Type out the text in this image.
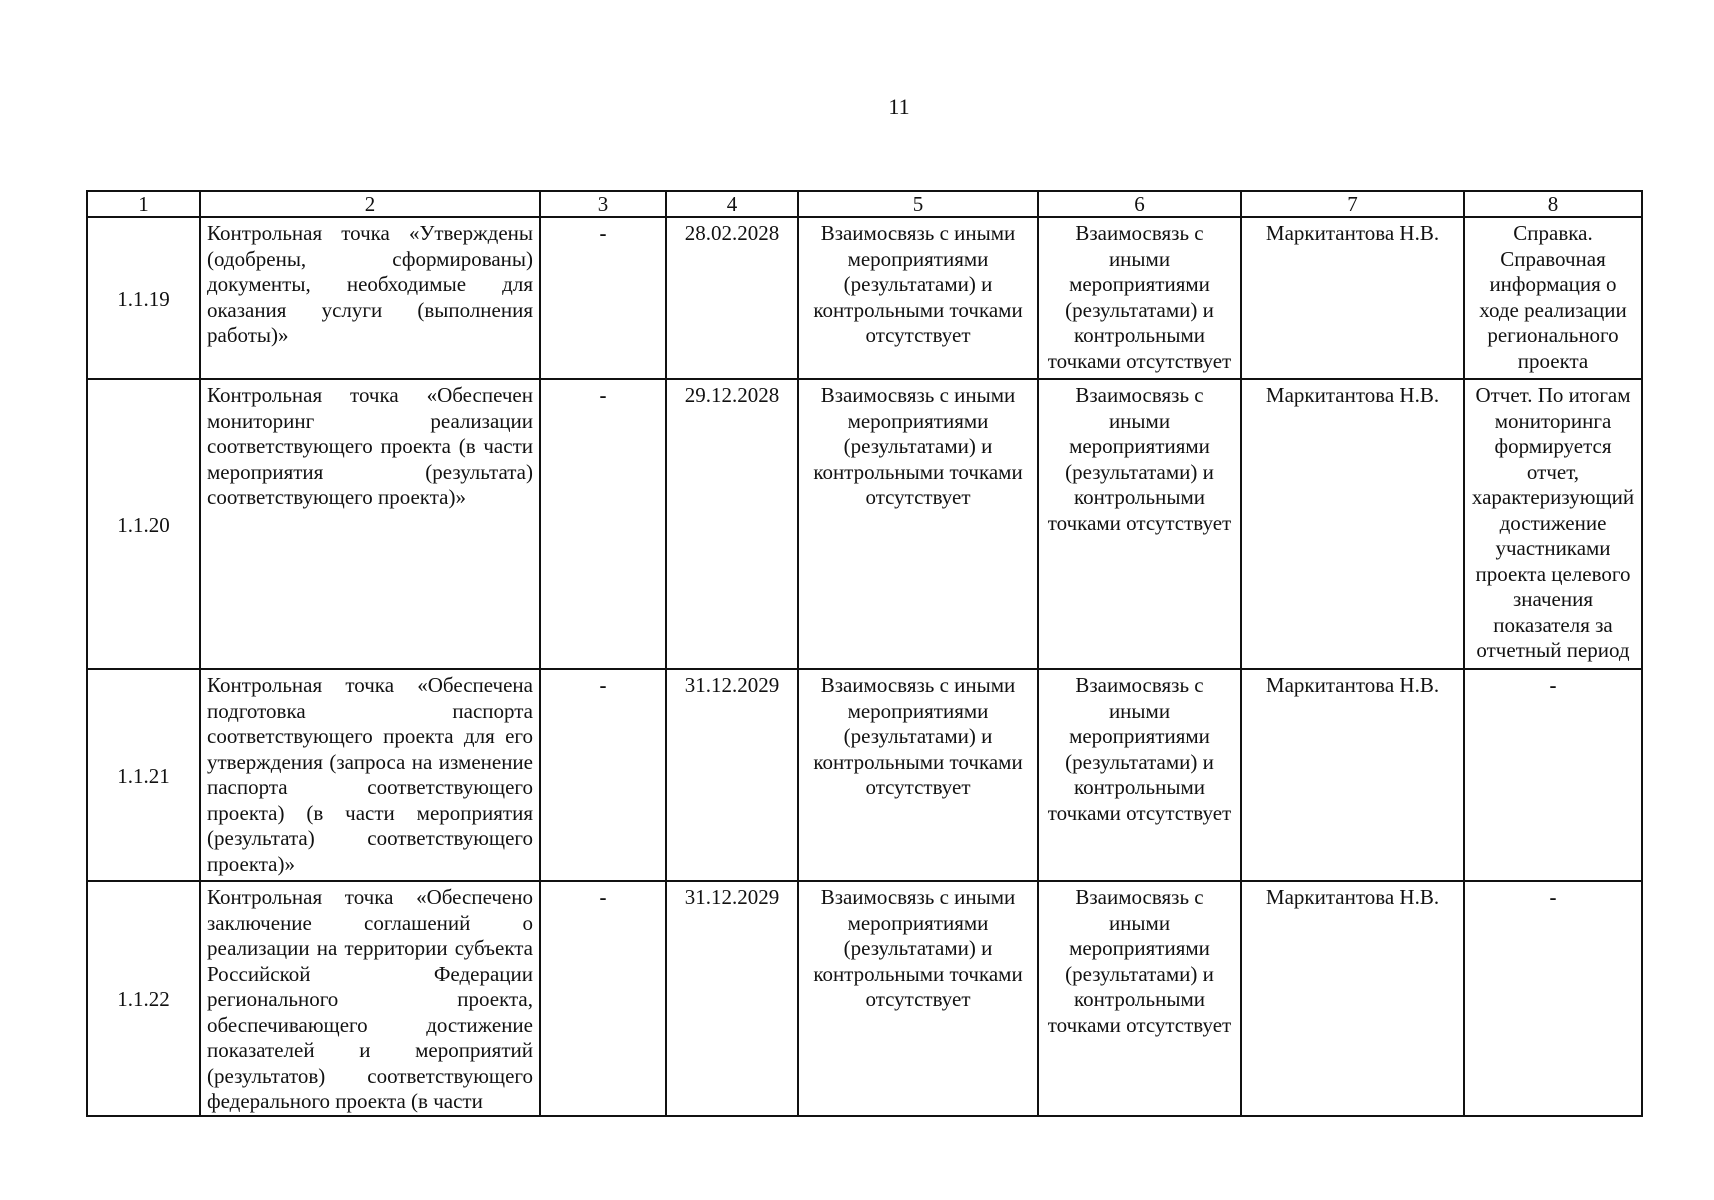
11
1	2	3	4	5	6	7	8
1.1.19	Контрольная точка «Утверждены (одобрены, сформированы) документы, необходимые для оказания услуги (выполнения работы)»	-	28.02.2028	Взаимосвязь с иными мероприятиями (результатами) и контрольными точками отсутствует	Взаимосвязь с иными мероприятиями (результатами) и контрольными точками отсутствует	Маркитантова Н.В.	Справка. Справочная информация о ходе реализации регионального проекта
1.1.20	Контрольная точка «Обеспечен мониторинг реализации соответствующего проекта (в части мероприятия (результата) соответствующего проекта)»	-	29.12.2028	Взаимосвязь с иными мероприятиями (результатами) и контрольными точками отсутствует	Взаимосвязь с иными мероприятиями (результатами) и контрольными точками отсутствует	Маркитантова Н.В.	Отчет. По итогам мониторинга формируется отчет, характеризующий достижение участниками проекта целевого значения показателя за отчетный период
1.1.21	Контрольная точка «Обеспечена подготовка паспорта соответствующего проекта для его утверждения (запроса на изменение паспорта соответствующего проекта) (в части мероприятия (результата) соответствующего проекта)»	-	31.12.2029	Взаимосвязь с иными мероприятиями (результатами) и контрольными точками отсутствует	Взаимосвязь с иными мероприятиями (результатами) и контрольными точками отсутствует	Маркитантова Н.В.	-
1.1.22	Контрольная точка «Обеспечено заключение соглашений о реализации на территории субъекта Российской Федерации регионального проекта, обеспечивающего достижение показателей и мероприятий (результатов) соответствующего федерального проекта (в части	-	31.12.2029	Взаимосвязь с иными мероприятиями (результатами) и контрольными точками отсутствует	Взаимосвязь с иными мероприятиями (результатами) и контрольными точками отсутствует	Маркитантова Н.В.	-
